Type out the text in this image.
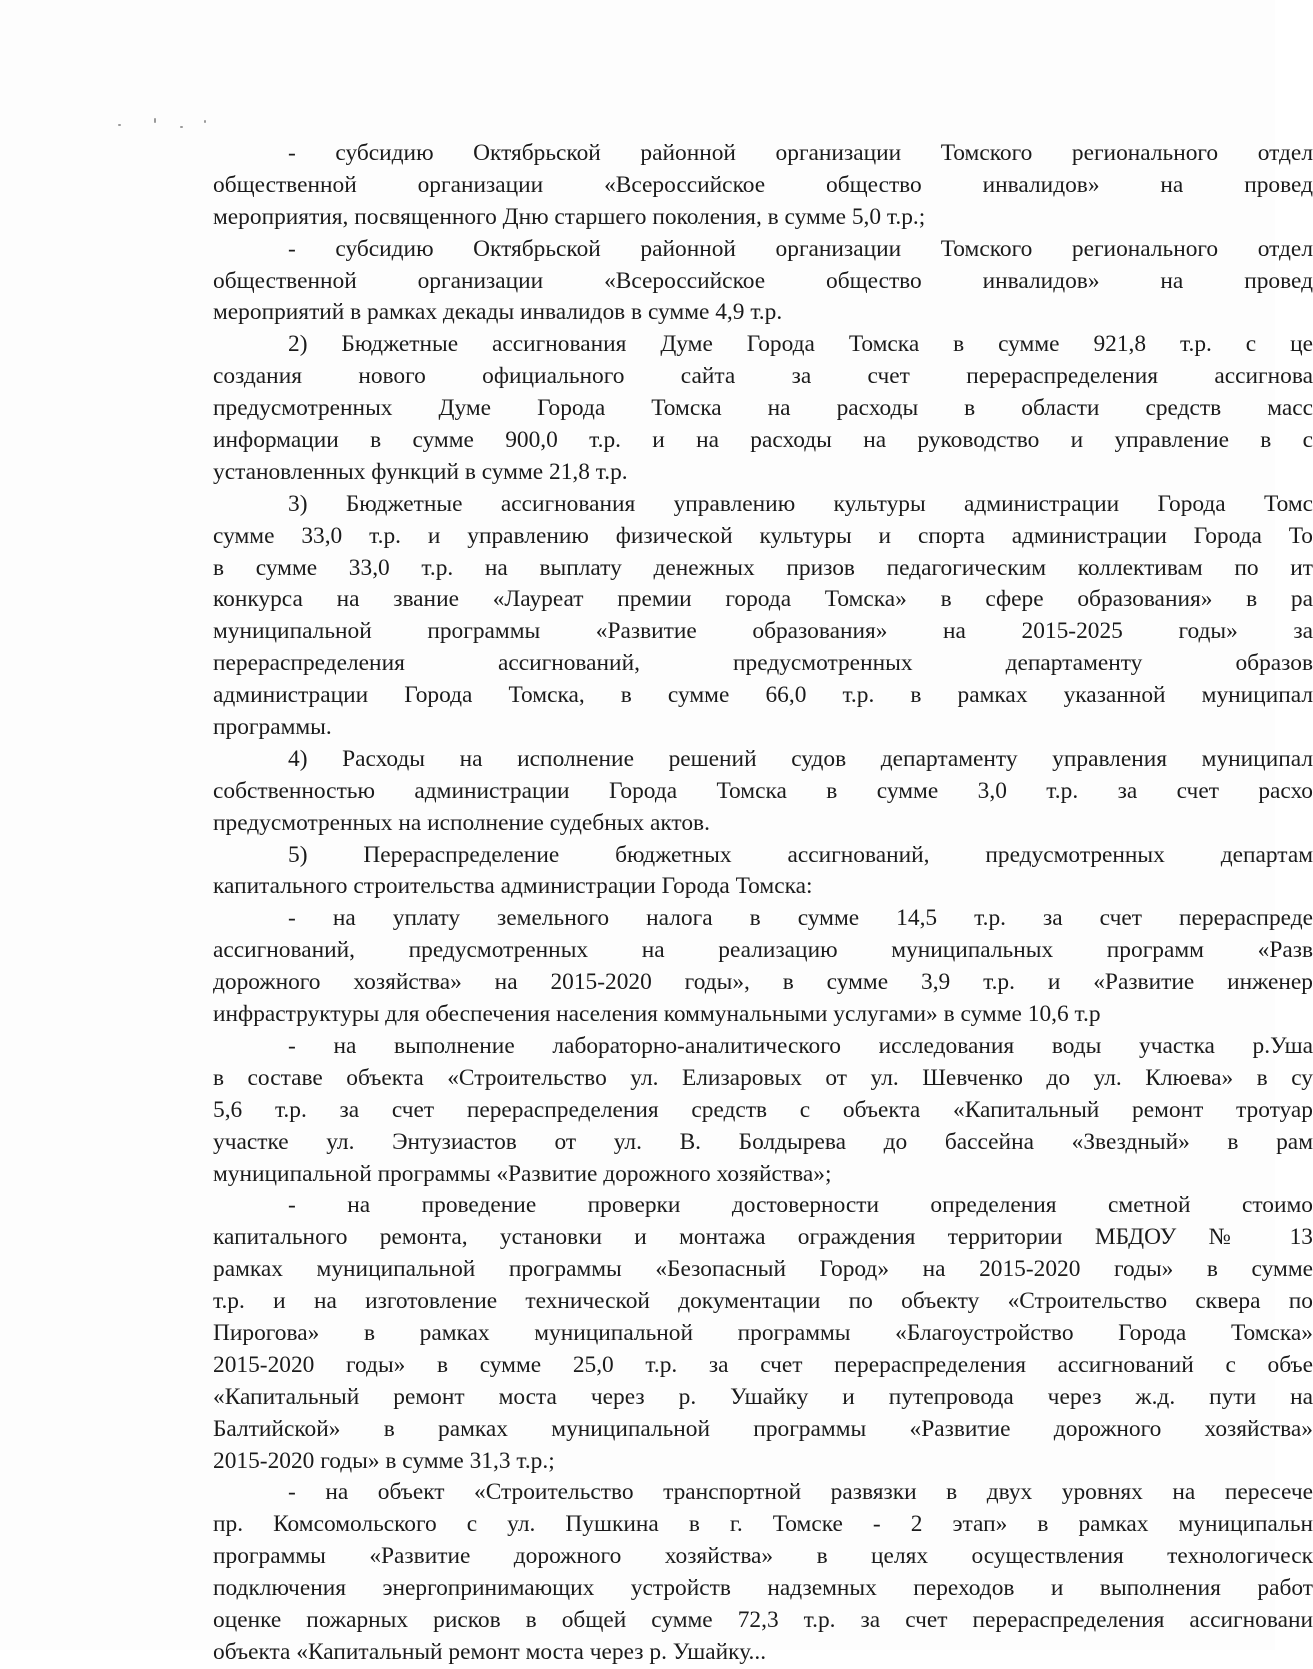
- субсидию Октябрьской районной организации Томского регионального отдел
общественной организации «Всероссийское общество инвалидов» на провед
мероприятия, посвященного Дню старшего поколения, в сумме 5,0 т.р.;
- субсидию Октябрьской районной организации Томского регионального отдел
общественной организации «Всероссийское общество инвалидов» на провед
мероприятий в рамках декады инвалидов в сумме 4,9 т.р.
2) Бюджетные ассигнования Думе Города Томска в сумме 921,8 т.р. с це
создания нового официального сайта за счет перераспределения ассигнова
предусмотренных Думе Города Томска на расходы в области средств масс
информации в сумме 900,0 т.р. и на расходы на руководство и управление в с
установленных функций в сумме 21,8 т.р.
3) Бюджетные ассигнования управлению культуры администрации Города Томс
сумме 33,0 т.р. и управлению физической культуры и спорта администрации Города То
в сумме 33,0 т.р. на выплату денежных призов педагогическим коллективам по ит
конкурса на звание «Лауреат премии города Томска» в сфере образования» в ра
муниципальной программы «Развитие образования» на 2015-2025 годы» за
перераспределения ассигнований, предусмотренных департаменту образов
администрации Города Томска, в сумме 66,0 т.р. в рамках указанной муниципал
программы.
4) Расходы на исполнение решений судов департаменту управления муниципал
собственностью администрации Города Томска в сумме 3,0 т.р. за счет расхо
предусмотренных на исполнение судебных актов.
5) Перераспределение бюджетных ассигнований, предусмотренных департам
капитального строительства администрации Города Томска:
- на уплату земельного налога в сумме 14,5 т.р. за счет перераспреде
ассигнований, предусмотренных на реализацию муниципальных программ «Разв
дорожного хозяйства» на 2015-2020 годы», в сумме 3,9 т.р. и «Развитие инженер
инфраструктуры для обеспечения населения коммунальными услугами» в сумме 10,6 т.р
- на выполнение лабораторно-аналитического исследования воды участка р.Уша
в составе объекта «Строительство ул. Елизаровых от ул. Шевченко до ул. Клюева» в су
5,6 т.р. за счет перераспределения средств с объекта «Капитальный ремонт тротуар
участке ул. Энтузиастов от ул. В. Болдырева до бассейна «Звездный» в рам
муниципальной программы «Развитие дорожного хозяйства»;
- на проведение проверки достоверности определения сметной стоимо
капитального ремонта, установки и монтажа ограждения территории МБДОУ № 13
рамках муниципальной программы «Безопасный Город» на 2015-2020 годы» в сумме
т.р. и на изготовление технической документации по объекту «Строительство сквера по
Пирогова» в рамках муниципальной программы «Благоустройство Города Томска»
2015-2020 годы» в сумме 25,0 т.р. за счет перераспределения ассигнований с объе
«Капитальный ремонт моста через р. Ушайку и путепровода через ж.д. пути на
Балтийской» в рамках муниципальной программы «Развитие дорожного хозяйства»
2015-2020 годы» в сумме 31,3 т.р.;
- на объект «Строительство транспортной развязки в двух уровнях на пересече
пр. Комсомольского с ул. Пушкина в г. Томске - 2 этап» в рамках муниципальн
программы «Развитие дорожного хозяйства» в целях осуществления технологическ
подключения энергопринимающих устройств надземных переходов и выполнения работ
оценке пожарных рисков в общей сумме 72,3 т.р. за счет перераспределения ассигновани
объекта «Капитальный ремонт моста через р. Ушайку...
